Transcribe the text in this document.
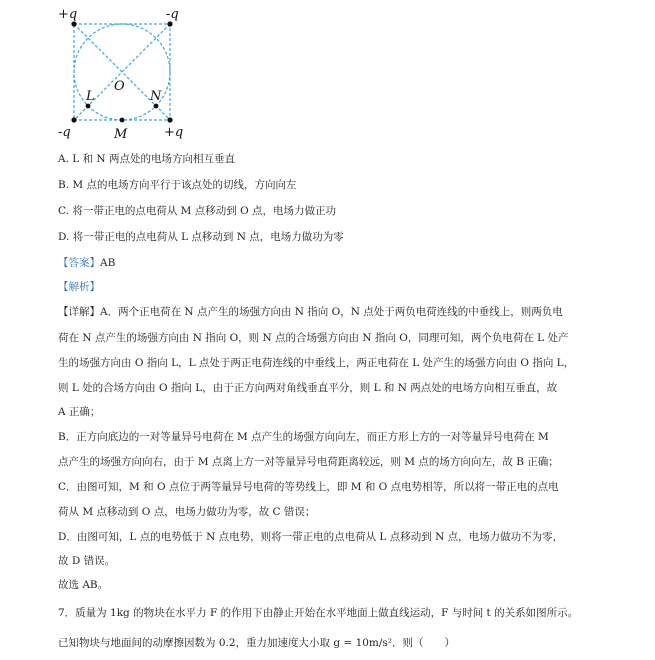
+q	-q
-q	+q
O
L	N
M
A. L 和 N 两点处的电场方向相互垂直
B. M 点的电场方向平行于该点处的切线，方向向左
C. 将一带正电的点电荷从 M 点移动到 O 点，电场力做正功
D. 将一带正电的点电荷从 L 点移动到 N 点，电场力做功为零
【答案】AB
【解析】
【详解】A．两个正电荷在 N 点产生的场强方向由 N 指向 O，N 点处于两负电荷连线的中垂线上，则两负电
荷在 N 点产生的场强方向由 N 指向 O，则 N 点的合场强方向由 N 指向 O，同理可知，两个负电荷在 L 处产
生的场强方向由 O 指向 L，L 点处于两正电荷连线的中垂线上，两正电荷在 L 处产生的场强方向由 O 指向 L，
则 L 处的合场方向由 O 指向 L，由于正方向两对角线垂直平分，则 L 和 N 两点处的电场方向相互垂直，故
A 正确；
B．正方向底边的一对等量异号电荷在 M 点产生的场强方向向左，而正方形上方的一对等量异号电荷在 M
点产生的场强方向向右，由于 M 点离上方一对等量异号电荷距离较远，则 M 点的场方向向左，故 B 正确；
C．由图可知，M 和 O 点位于两等量异号电荷的等势线上，即 M 和 O 点电势相等，所以将一带正电的点电
荷从 M 点移动到 O 点，电场力做功为零，故 C 错误；
D．由图可知，L 点的电势低于 N 点电势，则将一带正电的点电荷从 L 点移动到 N 点，电场力做功不为零，
故 D 错误。
故选 AB。
7．质量为 1kg 的物块在水平力 F 的作用下由静止开始在水平地面上做直线运动，F 与时间 t 的关系如图所示。
已知物块与地面间的动摩擦因数为 0.2，重力加速度大小取 g = 10m/s²．则（　　）
